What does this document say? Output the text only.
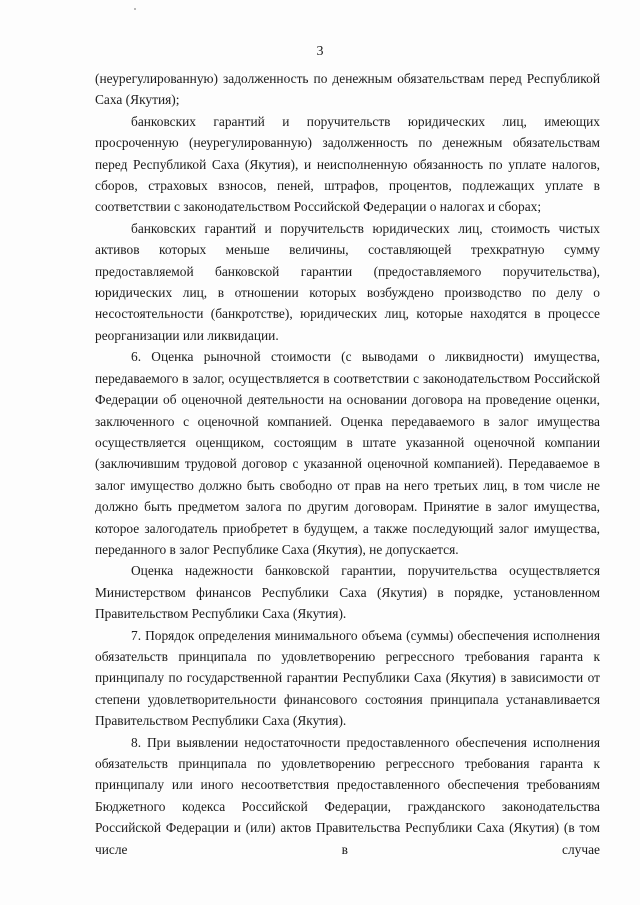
3

(неурегулированную) задолженность по денежным обязательствам перед Республикой Саха (Якутия);

банковских гарантий и поручительств юридических лиц, имеющих просроченную (неурегулированную) задолженность по денежным обязательствам перед Республикой Саха (Якутия), и неисполненную обязанность по уплате налогов, сборов, страховых взносов, пеней, штрафов, процентов, подлежащих уплате в соответствии с законодательством Российской Федерации о налогах и сборах;

банковских гарантий и поручительств юридических лиц, стоимость чистых активов которых меньше величины, составляющей трехкратную сумму предоставляемой банковской гарантии (предоставляемого поручительства), юридических лиц, в отношении которых возбуждено производство по делу о несостоятельности (банкротстве), юридических лиц, которые находятся в процессе реорганизации или ликвидации.

6. Оценка рыночной стоимости (с выводами о ликвидности) имущества, передаваемого в залог, осуществляется в соответствии с законодательством Российской Федерации об оценочной деятельности на основании договора на проведение оценки, заключенного с оценочной компанией. Оценка передаваемого в залог имущества осуществляется оценщиком, состоящим в штате указанной оценочной компании (заключившим трудовой договор с указанной оценочной компанией). Передаваемое в залог имущество должно быть свободно от прав на него третьих лиц, в том числе не должно быть предметом залога по другим договорам. Принятие в залог имущества, которое залогодатель приобретет в будущем, а также последующий залог имущества, переданного в залог Республике Саха (Якутия), не допускается.

Оценка надежности банковской гарантии, поручительства осуществляется Министерством финансов Республики Саха (Якутия) в порядке, установленном Правительством Республики Саха (Якутия).

7. Порядок определения минимального объема (суммы) обеспечения исполнения обязательств принципала по удовлетворению регрессного требования гаранта к принципалу по государственной гарантии Республики Саха (Якутия) в зависимости от степени удовлетворительности финансового состояния принципала устанавливается Правительством Республики Саха (Якутия).

8. При выявлении недостаточности предоставленного обеспечения исполнения обязательств принципала по удовлетворению регрессного требования гаранта к принципалу или иного несоответствия предоставленного обеспечения требованиям Бюджетного кодекса Российской Федерации, гражданского законодательства Российской Федерации и (или) актов Правительства Республики Саха (Якутия) (в том числе в случае
